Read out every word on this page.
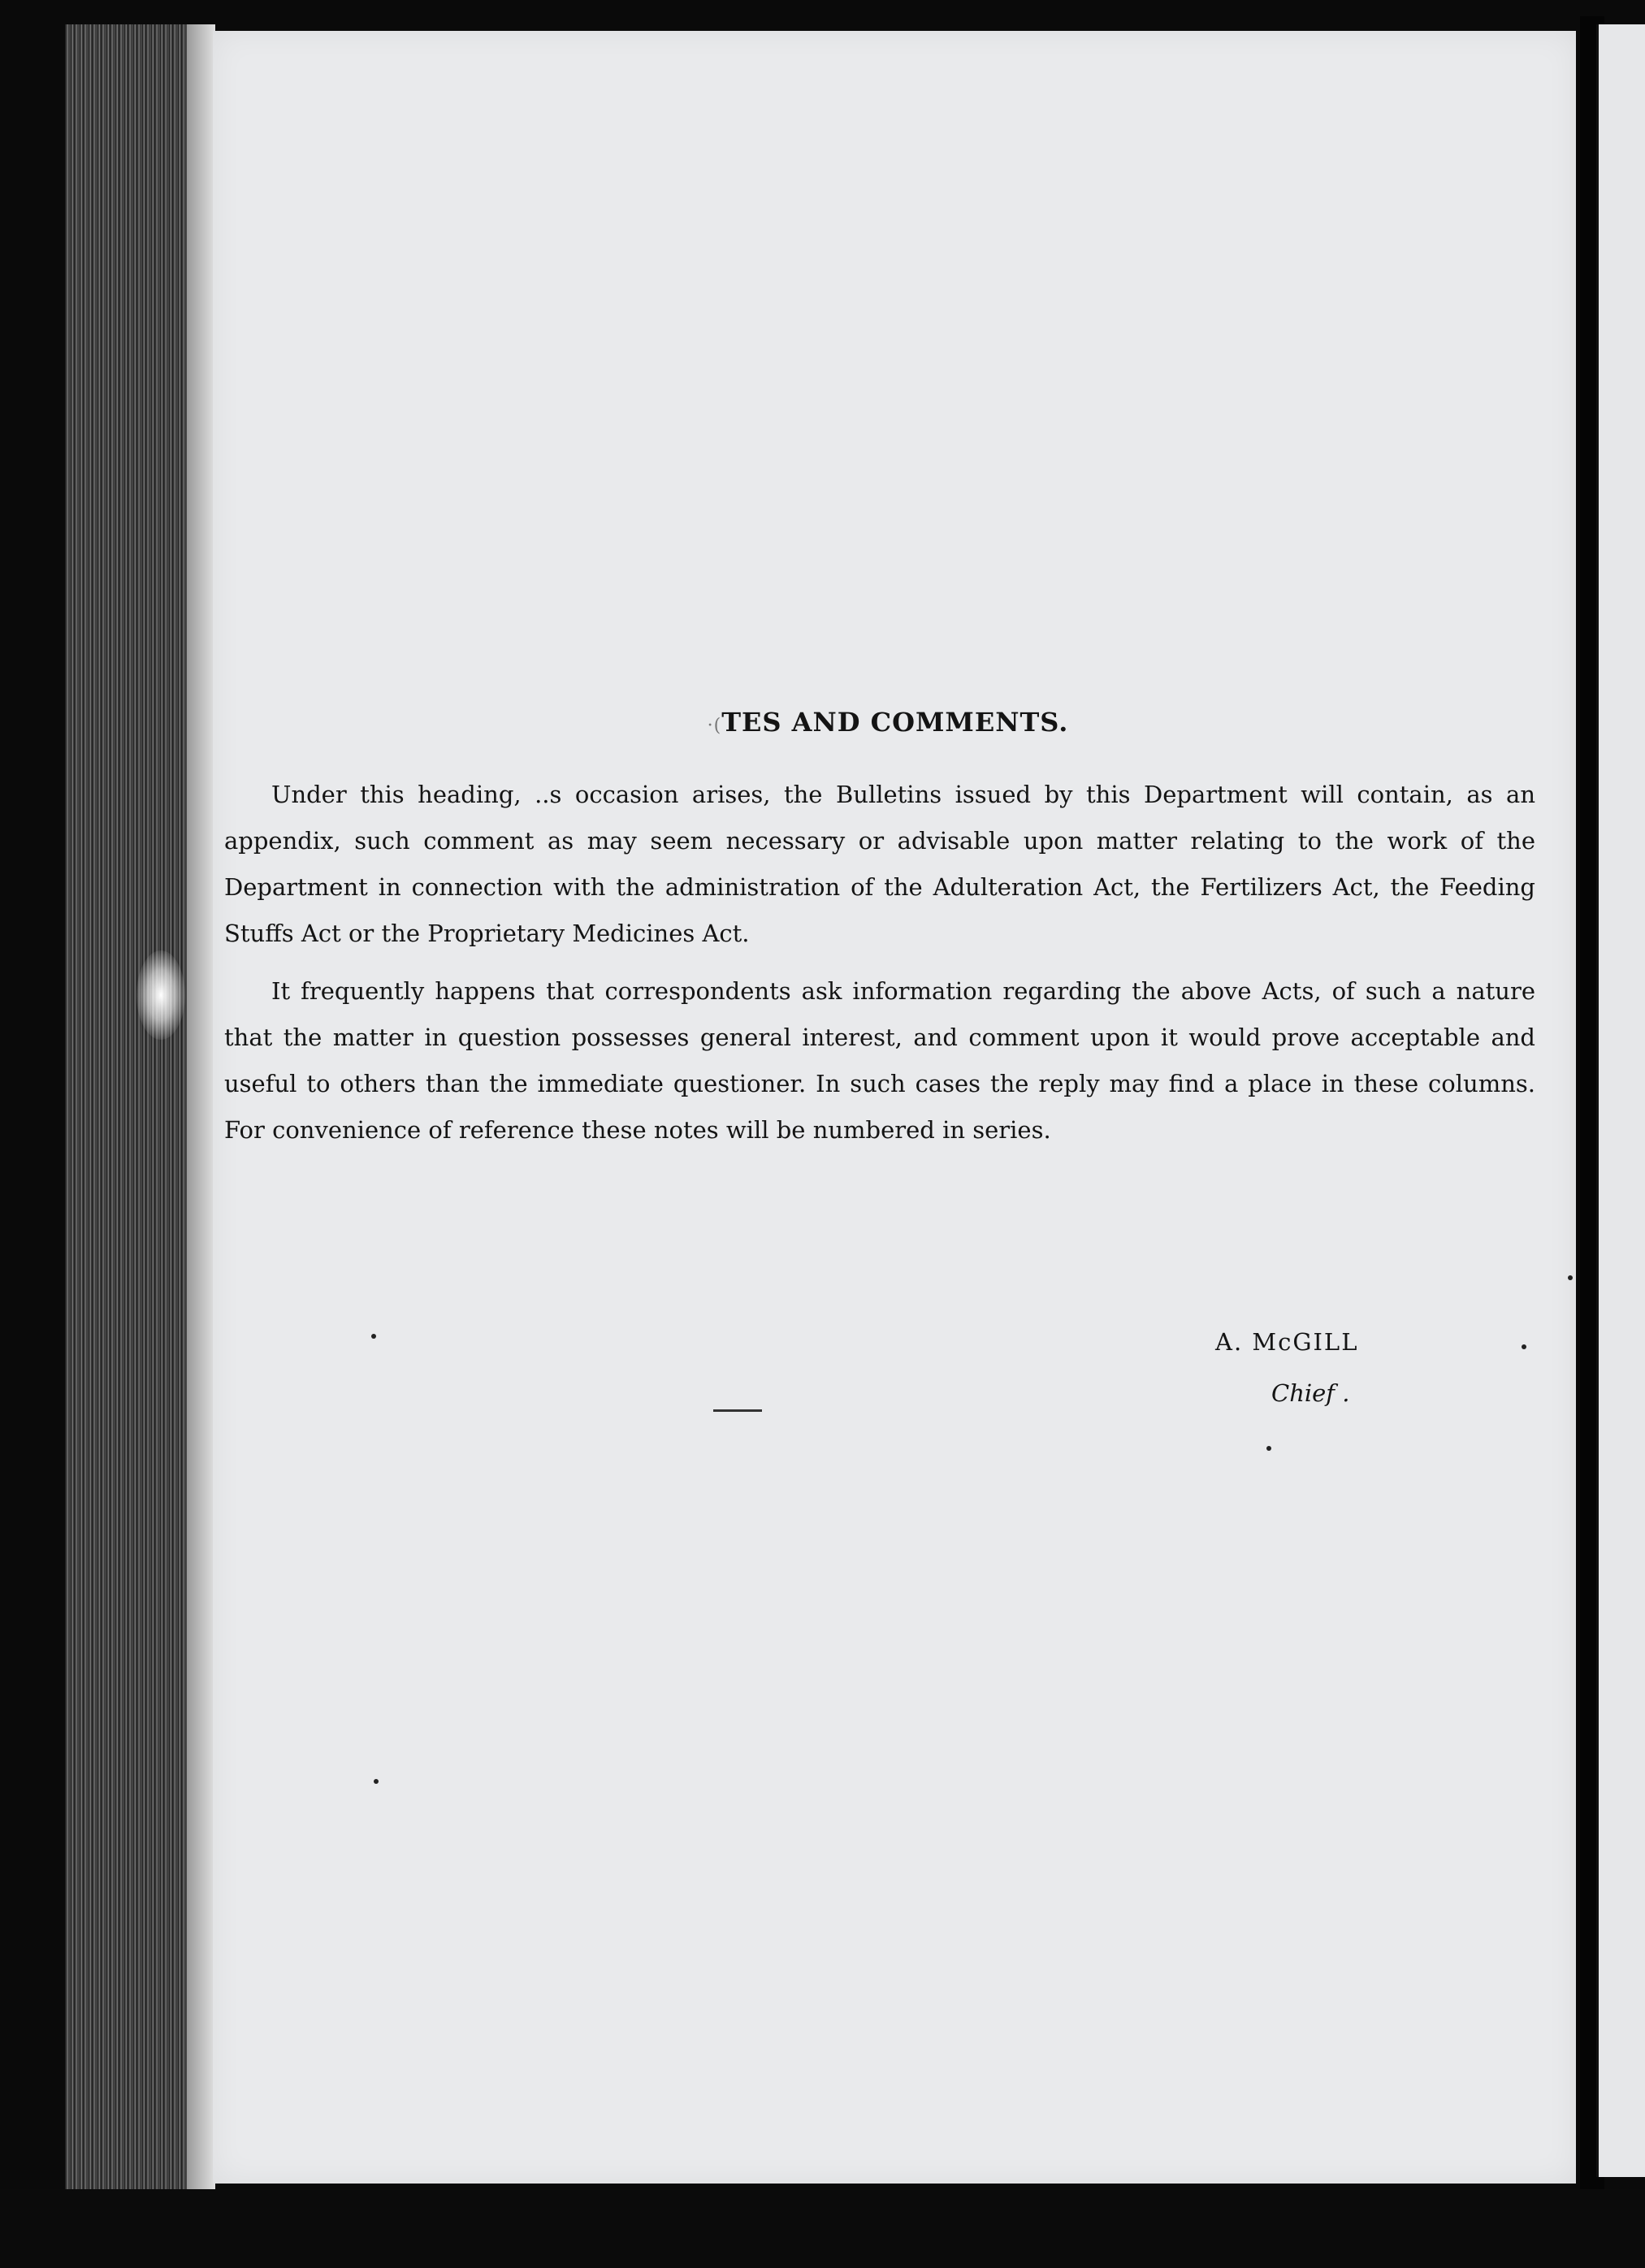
·(TES AND COMMENTS.

Under this heading, ..s occasion arises, the Bulletins issued by this Department will contain, as an appendix, such comment as may seem necessary or advisable upon matter relating to the work of the Department in connection with the administration of the Adulteration Act, the Fertilizers Act, the Feeding Stuffs Act or the Proprietary Medicines Act.

It frequently happens that correspondents ask information regarding the above Acts, of such a nature that the matter in question possesses general interest, and comment upon it would prove acceptable and useful to others than the immediate questioner. In such cases the reply may find a place in these columns. For convenience of reference these notes will be numbered in series.

A. McGILL
Chief .
